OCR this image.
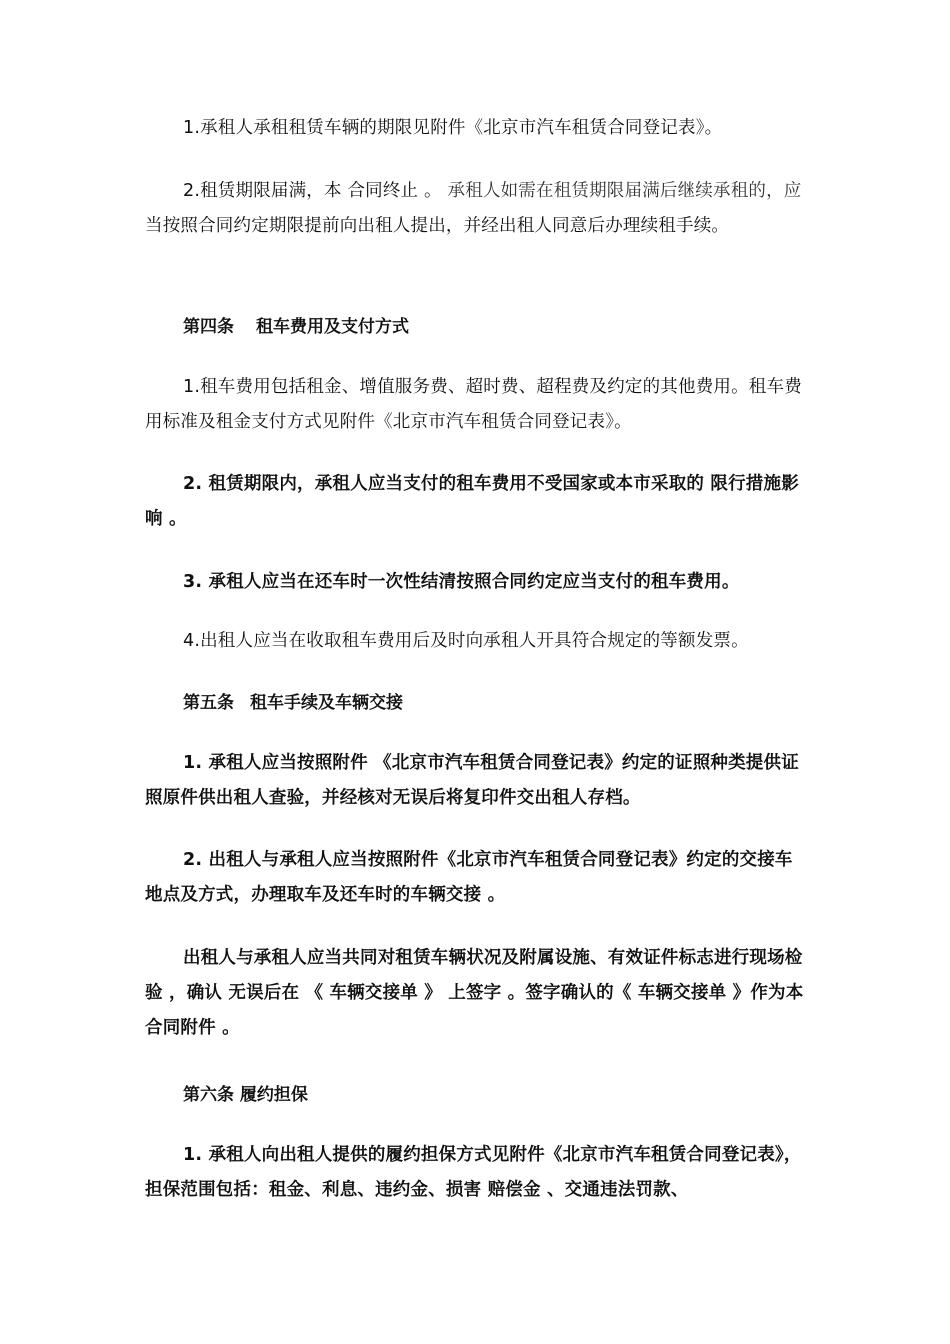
1.承租人承租租赁车辆的期限见附件《北京市汽车租赁合同登记表》。

2.租赁期限届满，本 合同终止 。 承租人如需在租赁期限届满后继续承租的，应 当按照合同约定期限提前向出租人提出，并经出租人同意后办理续租手续。

第四条 租车费用及支付方式

1.租车费用包括租金、增值服务费、超时费、超程费及约定的其他费用。租车费用标准及租金支付方式见附件《北京市汽车租赁合同登记表》。

2. 租赁期限内，承租人应当支付的租车费用不受国家或本市采取的 限行措施影响 。

3. 承租人应当在还车时一次性结清按照合同约定应当支付的租车费用。

4.出租人应当在收取租车费用后及时向承租人开具符合规定的等额发票。

第五条 租车手续及车辆交接

1. 承租人应当按照附件 《北京市汽车租赁合同登记表》约定的证照种类提供证照原件供出租人查验，并经核对无误后将复印件交出租人存档。

2. 出租人与承租人应当按照附件《北京市汽车租赁合同登记表》约定的交接车地点及方式，办理取车及还车时的车辆交接 。

出租人与承租人应当共同对租赁车辆状况及附属设施、有效证件标志进行现场检 验 ，确认 无误后在 《 车辆交接单 》 上签字 。签字确认的《 车辆交接单 》作为本合同附件 。

第六条 履约担保

1. 承租人向出租人提供的履约担保方式见附件《北京市汽车租赁合同登记表》，担保范围包括：租金、利息、违约金、损害 赔偿金 、交通违法罚款、
